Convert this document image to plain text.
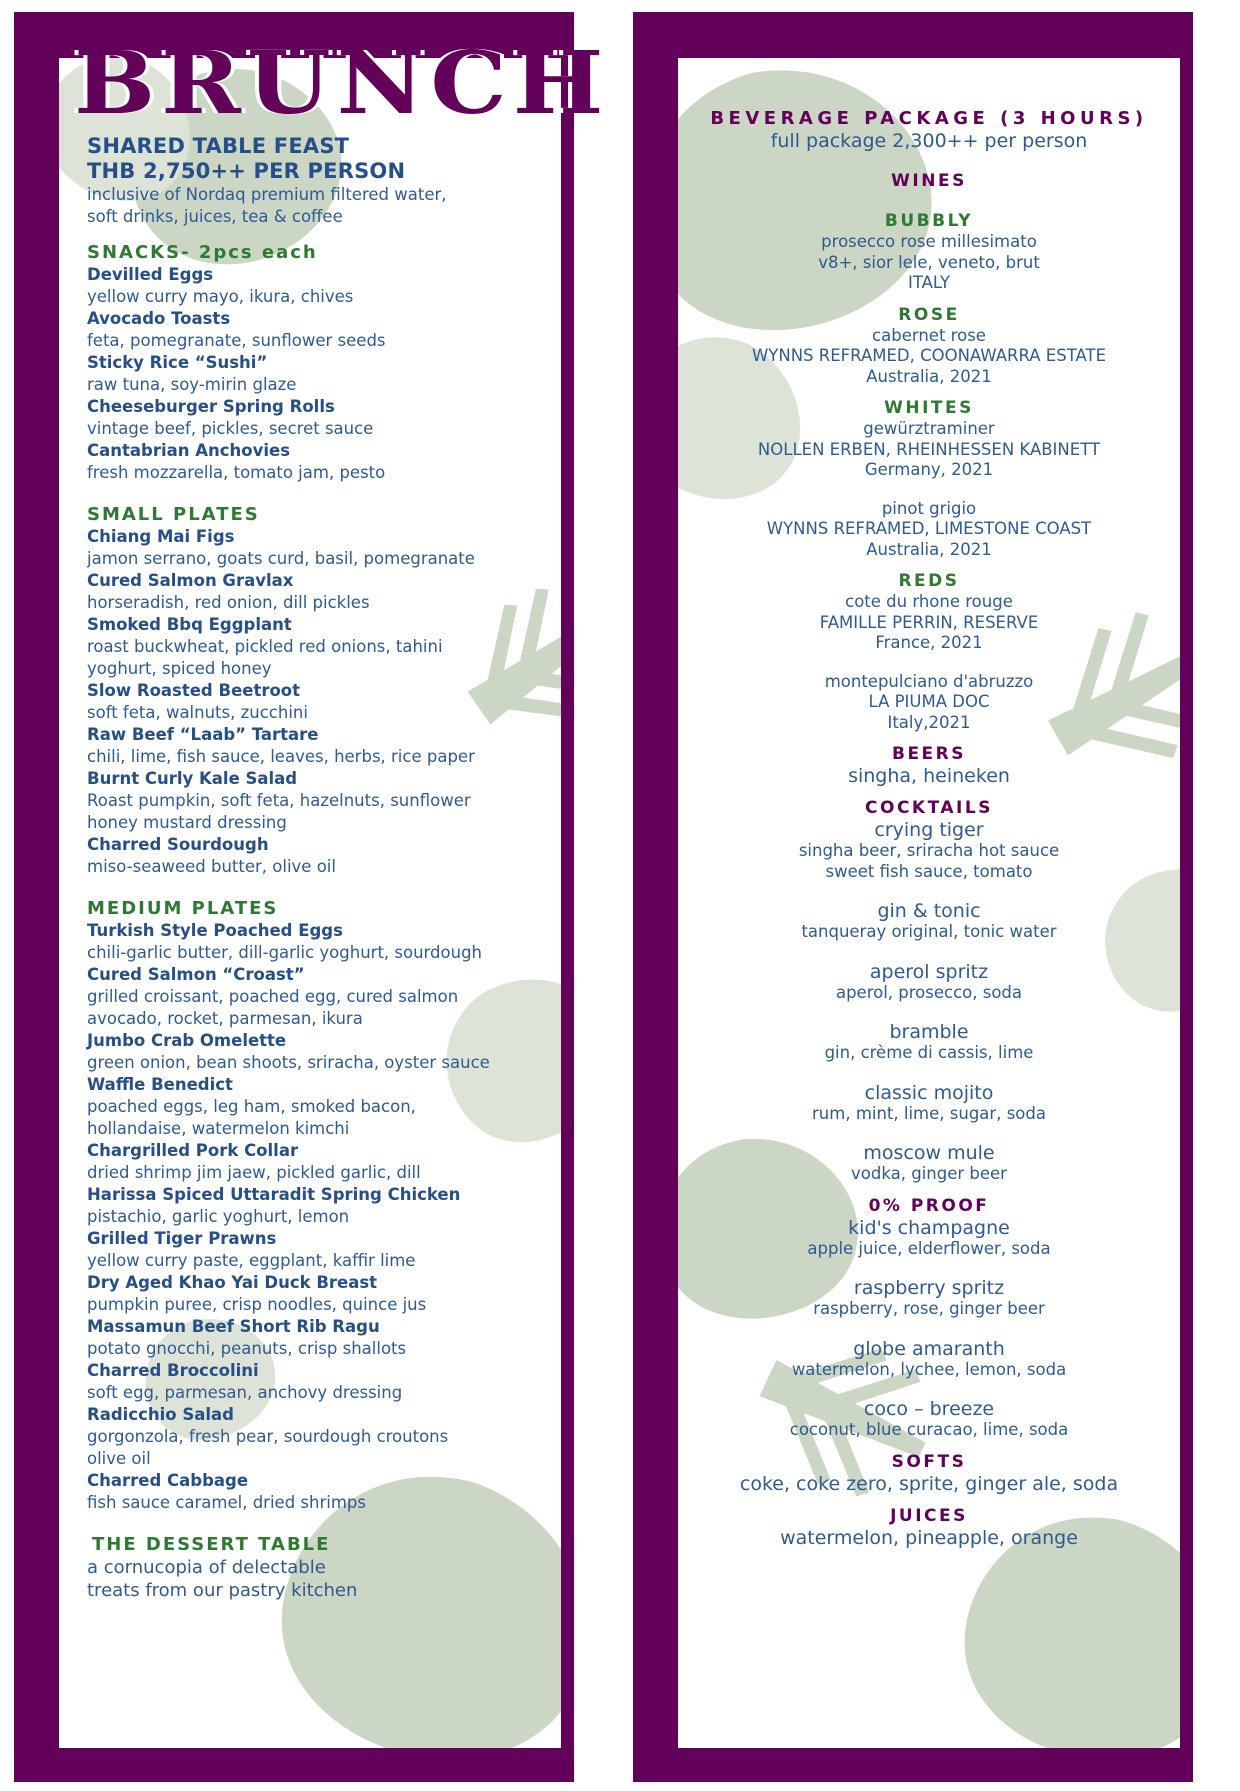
BRUNCH
SHARED TABLE FEAST
THB 2,750++ PER PERSON
inclusive of Nordaq premium filtered water,
soft drinks, juices, tea & coffee
SNACKS- 2pcs each
Devilled Eggs
yellow curry mayo, ikura, chives
Avocado Toasts
feta, pomegranate, sunflower seeds
Sticky Rice “Sushi”
raw tuna, soy-mirin glaze
Cheeseburger Spring Rolls
vintage beef, pickles, secret sauce
Cantabrian Anchovies
fresh mozzarella, tomato jam, pesto
SMALL PLATES
Chiang Mai Figs
jamon serrano, goats curd, basil, pomegranate
Cured Salmon Gravlax
horseradish, red onion, dill pickles
Smoked Bbq Eggplant
roast buckwheat, pickled red onions, tahini
yoghurt, spiced honey
Slow Roasted Beetroot
soft feta, walnuts, zucchini
Raw Beef “Laab” Tartare
chili, lime, fish sauce, leaves, herbs, rice paper
Burnt Curly Kale Salad
Roast pumpkin, soft feta, hazelnuts, sunflower
honey mustard dressing
Charred Sourdough
miso-seaweed butter, olive oil
MEDIUM PLATES
Turkish Style Poached Eggs
chili-garlic butter, dill-garlic yoghurt, sourdough
Cured Salmon “Croast”
grilled croissant, poached egg, cured salmon
avocado, rocket, parmesan, ikura
Jumbo Crab Omelette
green onion, bean shoots, sriracha, oyster sauce
Waffle Benedict
poached eggs, leg ham, smoked bacon,
hollandaise, watermelon kimchi
Chargrilled Pork Collar
dried shrimp jim jaew, pickled garlic, dill
Harissa Spiced Uttaradit Spring Chicken
pistachio, garlic yoghurt, lemon
Grilled Tiger Prawns
yellow curry paste, eggplant, kaffir lime
Dry Aged Khao Yai Duck Breast
pumpkin puree, crisp noodles, quince jus
Massamun Beef Short Rib Ragu
potato gnocchi, peanuts, crisp shallots
Charred Broccolini
soft egg, parmesan, anchovy dressing
Radicchio Salad
gorgonzola, fresh pear, sourdough croutons
olive oil
Charred Cabbage
fish sauce caramel, dried shrimps
THE DESSERT TABLE
a cornucopia of delectable
treats from our pastry kitchen
BEVERAGE PACKAGE (3 HOURS)
full package 2,300++ per person
WINES
BUBBLY
prosecco rose millesimato
v8+, sior lele, veneto, brut
ITALY
ROSE
cabernet rose
WYNNS REFRAMED, COONAWARRA ESTATE
Australia, 2021
WHITES
gewürztraminer
NOLLEN ERBEN, RHEINHESSEN KABINETT
Germany, 2021
pinot grigio
WYNNS REFRAMED, LIMESTONE COAST
Australia, 2021
REDS
cote du rhone rouge
FAMILLE PERRIN, RESERVE
France, 2021
montepulciano d'abruzzo
LA PIUMA DOC
Italy,2021
BEERS
singha, heineken
COCKTAILS
crying tiger
singha beer, sriracha hot sauce
sweet fish sauce, tomato
gin & tonic
tanqueray original, tonic water
aperol spritz
aperol, prosecco, soda
bramble
gin, crème di cassis, lime
classic mojito
rum, mint, lime, sugar, soda
moscow mule
vodka, ginger beer
0% PROOF
kid's champagne
apple juice, elderflower, soda
raspberry spritz
raspberry, rose, ginger beer
globe amaranth
watermelon, lychee, lemon, soda
coco – breeze
coconut, blue curacao, lime, soda
SOFTS
coke, coke zero, sprite, ginger ale, soda
JUICES
watermelon, pineapple, orange
